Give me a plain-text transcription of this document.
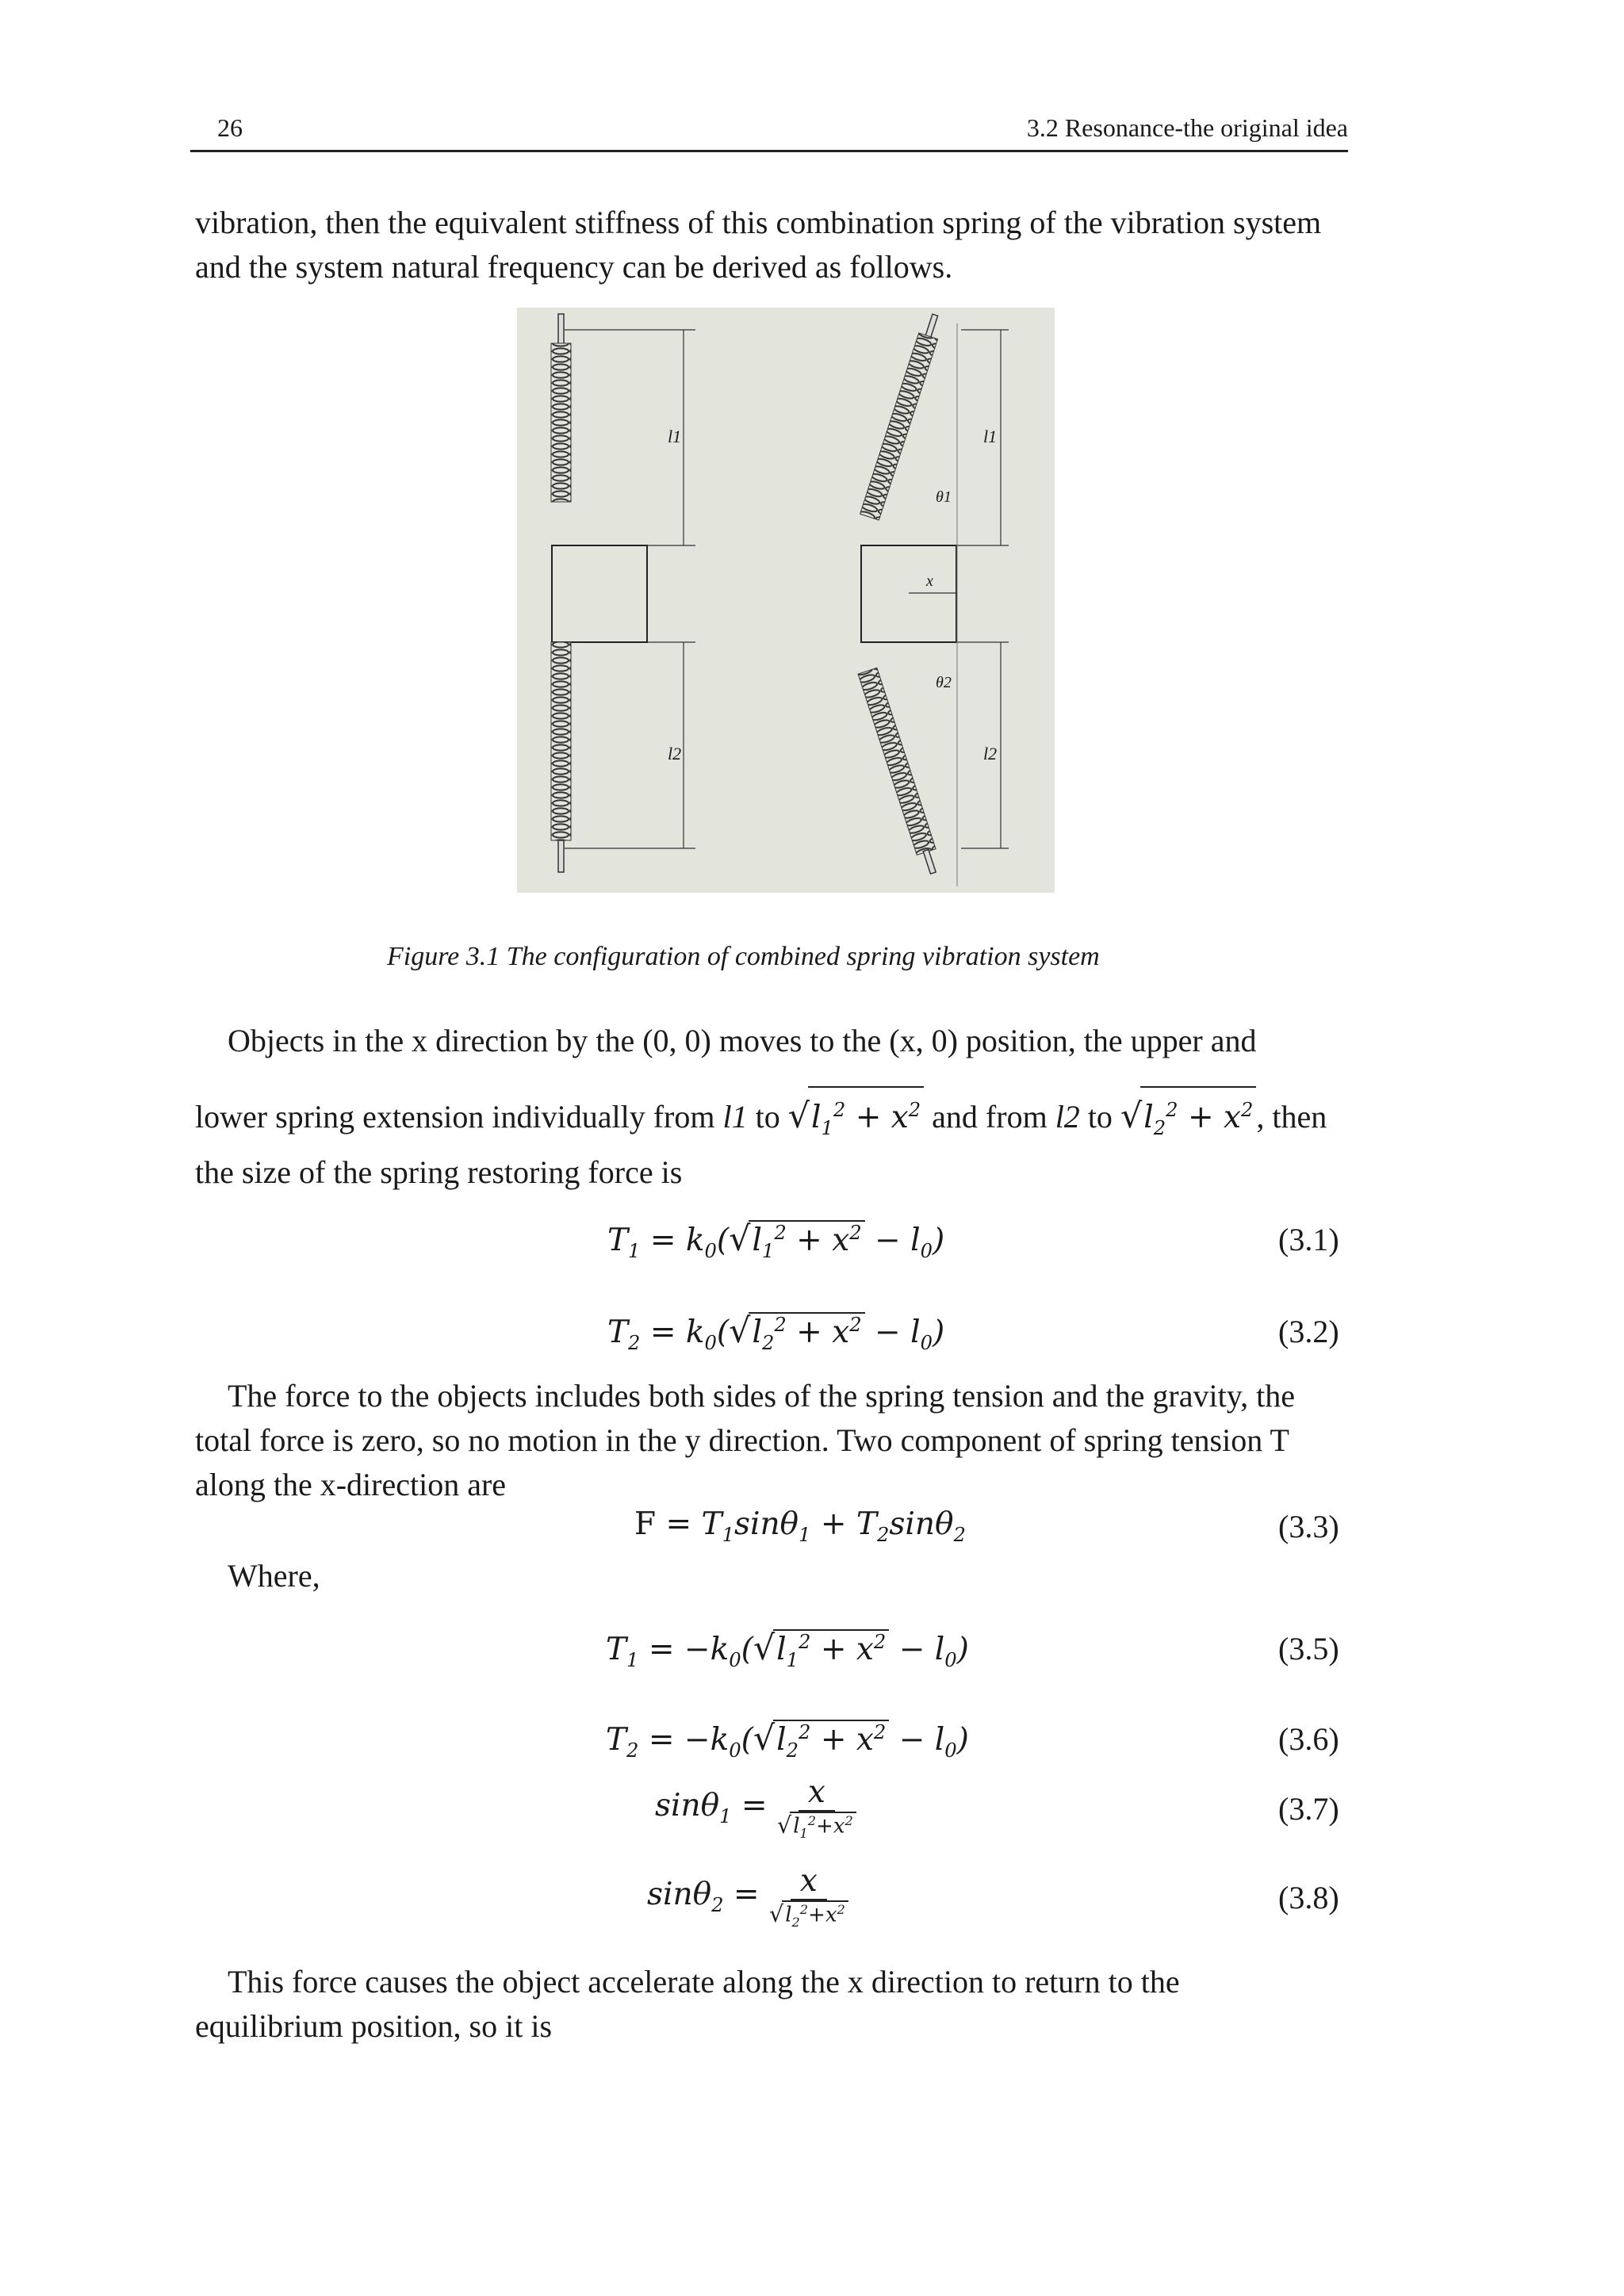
26	3.2 Resonance-the original idea
vibration, then the equivalent stiffness of this combination spring of the vibration system
and the system natural frequency can be derived as follows.
l1
l2
l1
l2
θ1
θ2
x
Figure 3.1 The configuration of combined spring vibration system
Objects in the x direction by the (0, 0) moves to the (x, 0) position, the upper and
lower spring extension individually from l1 to $√l_1^2 + x^2$ and from l2 to $√l_2^2 + x^2$ , then
the size of the spring restoring force is
$T_1 = k_0(√l_1^2 + x^2 - l_0)$	(3.1)
$T_2 = k_0(√l_2^2 + x^2 - l_0)$	(3.2)
The force to the objects includes both sides of the spring tension and the gravity, the
total force is zero, so no motion in the y direction. Two component of spring tension T
along the x-direction are
$F = T_1\sin\theta_1 + T_2\sin\theta_2$	(3.3)
Where,
$T_1 = -k_0(√l_1^2 + x^2 - l_0)$	(3.5)
$T_2 = -k_0(√l_2^2 + x^2 - l_0)$	(3.6)
$\sin\theta_1 = \frac{x}{√l_1^2+x^2}$	(3.7)
$\sin\theta_2 = \frac{x}{√l_2^2+x^2}$	(3.8)
This force causes the object accelerate along the x direction to return to the
equilibrium position, so it is
